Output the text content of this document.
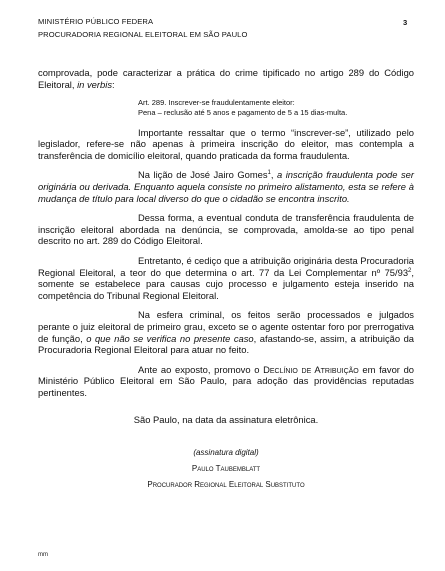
MINISTÉRIO PÚBLICO FEDERA
PROCURADORIA REGIONAL ELEITORAL EM SÃO PAULO
3

comprovada, pode caracterizar a prática do crime tipificado no artigo 289 do Código Eleitoral, in verbis:

Art. 289. Inscrever-se fraudulentamente eleitor:
Pena – reclusão até 5 anos e pagamento de 5 a 15 dias-multa.

Importante ressaltar que o termo “inscrever-se”, utilizado pelo legislador, refere-se não apenas à primeira inscrição do eleitor, mas contempla a transferência de domicílio eleitoral, quando praticada da forma fraudulenta.

Na lição de José Jairo Gomes$^1$, a inscrição fraudulenta pode ser originária ou derivada. Enquanto aquela consiste no primeiro alistamento, esta se refere à mudança de título para local diverso do que o cidadão se encontra inscrito.

Dessa forma, a eventual conduta de transferência fraudulenta de inscrição eleitoral abordada na denúncia, se comprovada, amolda-se ao tipo penal descrito no art. 289 do Código Eleitoral.

Entretanto, é cediço que a atribuição originária desta Procuradoria Regional Eleitoral, a teor do que determina o art. 77 da Lei Complementar nº $75/93^2$, somente se estabelece para causas cujo processo e julgamento esteja inserido na competência do Tribunal Regional Eleitoral.

Na esfera criminal, os feitos serão processados e julgados perante o juiz eleitoral de primeiro grau, exceto se o agente ostentar foro por prerrogativa de função, o que não se verifica no presente caso, afastando-se, assim, a atribuição da Procuradoria Regional Eleitoral para atuar no feito.

Ante ao exposto, promovo o Declínio de Atribuição em favor do Ministério Público Eleitoral em São Paulo, para adoção das providências reputadas pertinentes.

São Paulo, na data da assinatura eletrônica.

(assinatura digital)
Paulo Taubemblatt
Procurador Regional Eleitoral Substituto
mm
